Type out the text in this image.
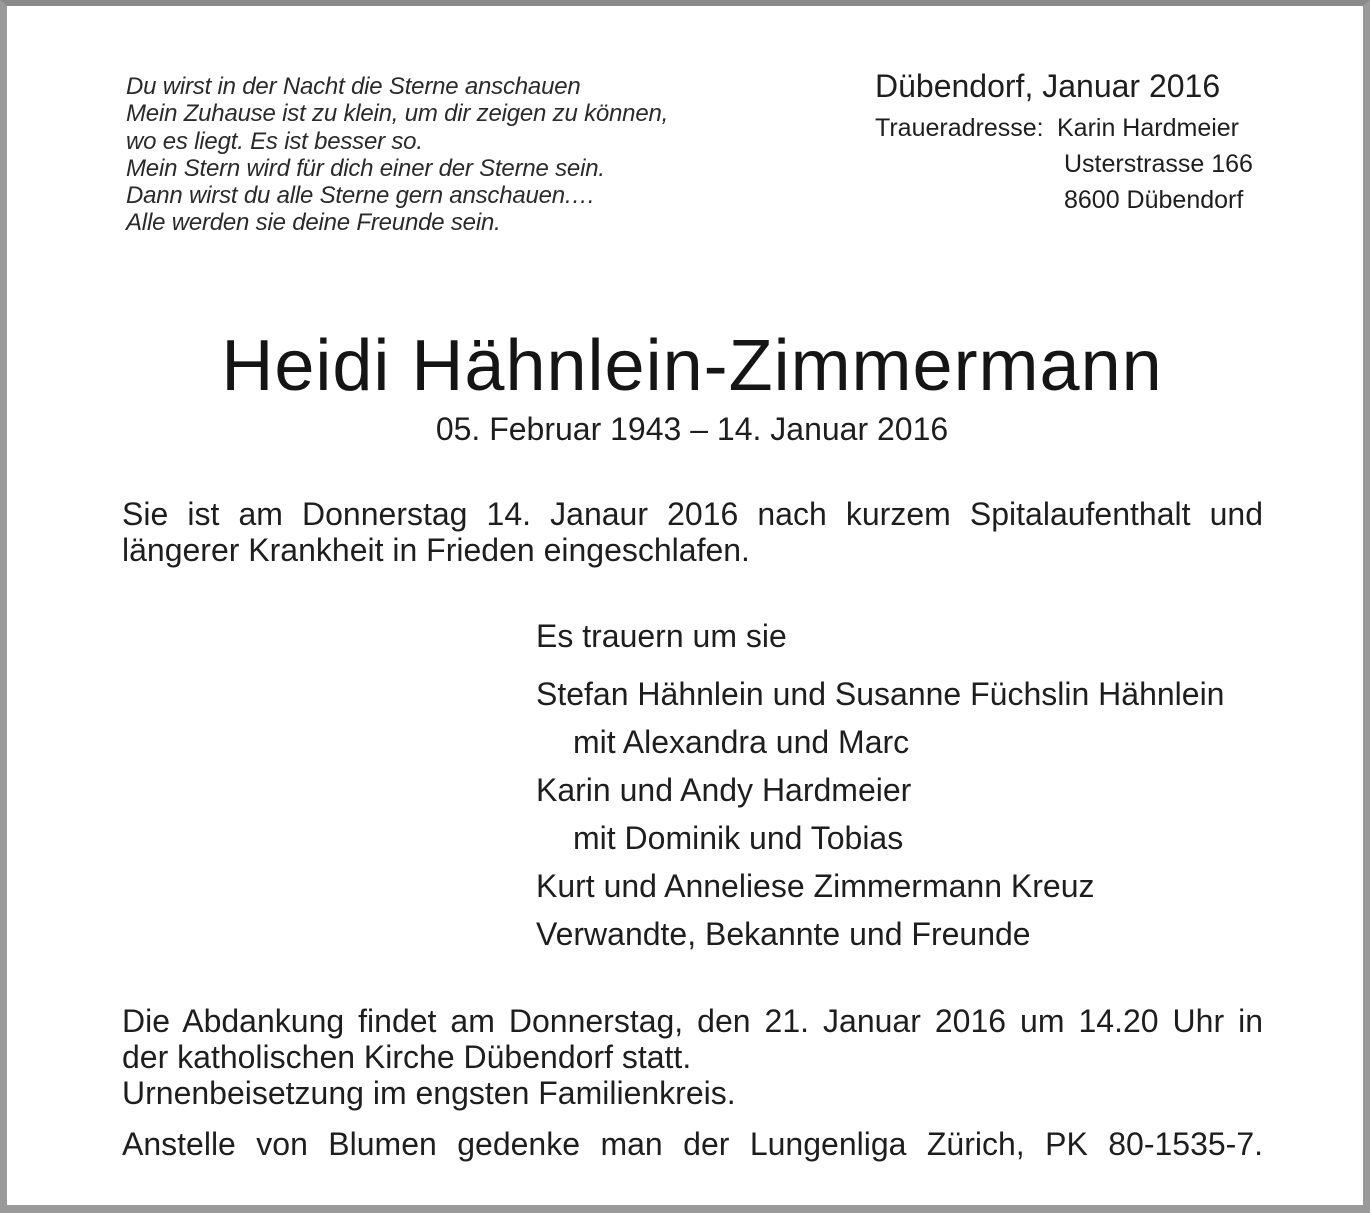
Du wirst in der Nacht die Sterne anschauen
Mein Zuhause ist zu klein, um dir zeigen zu können,
wo es liegt. Es ist besser so.
Mein Stern wird für dich einer der Sterne sein.
Dann wirst du alle Sterne gern anschauen.…
Alle werden sie deine Freunde sein.
Dübendorf, Januar 2016
Traueradresse: Karin Hardmeier
Usterstrasse 166
8600 Dübendorf
Heidi Hähnlein-Zimmermann
05. Februar 1943 – 14. Januar 2016
Sie ist am Donnerstag 14. Janaur 2016 nach kurzem Spitalaufenthalt und
längerer Krankheit in Frieden eingeschlafen.
Es trauern um sie
Stefan Hähnlein und Susanne Füchslin Hähnlein
mit Alexandra und Marc
Karin und Andy Hardmeier
mit Dominik und Tobias
Kurt und Anneliese Zimmermann Kreuz
Verwandte, Bekannte und Freunde
Die Abdankung findet am Donnerstag, den 21. Januar 2016 um 14.20 Uhr in
der katholischen Kirche Dübendorf statt.
Urnenbeisetzung im engsten Familienkreis.
Anstelle von Blumen gedenke man der Lungenliga Zürich, PK 80-1535-7.
